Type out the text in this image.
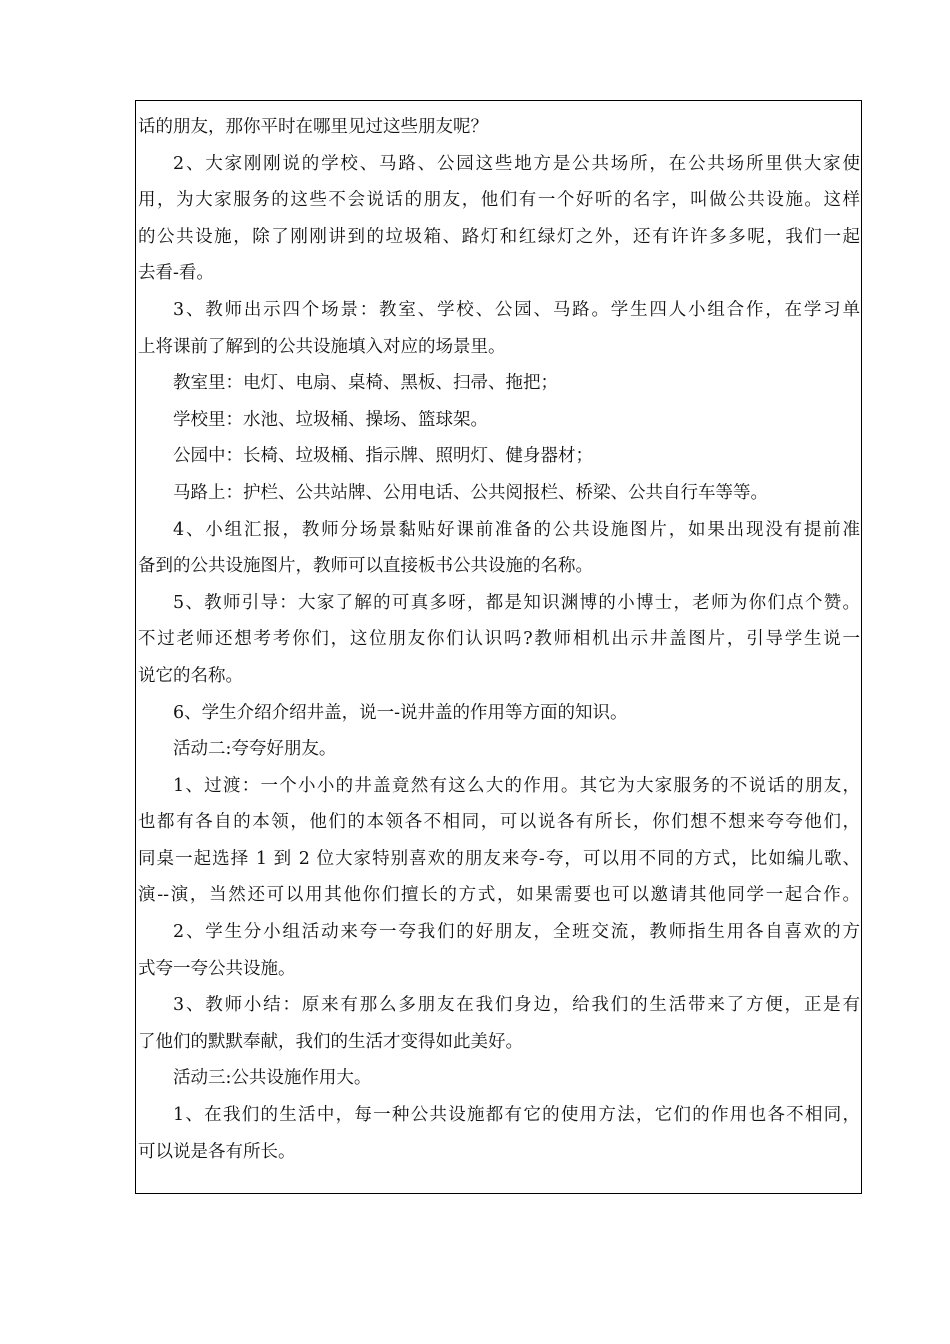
话的朋友，那你平时在哪里见过这些朋友呢？
2、大家刚刚说的学校、马路、公园这些地方是公共场所，在公共场所里供大家使
用，为大家服务的这些不会说话的朋友，他们有一个好听的名字，叫做公共设施。这样
的公共设施，除了刚刚讲到的垃圾箱、路灯和红绿灯之外，还有许许多多呢，我们一起
去看-看。
3、教师出示四个场景：教室、学校、公园、马路。学生四人小组合作，在学习单
上将课前了解到的公共设施填入对应的场景里。
教室里：电灯、电扇、桌椅、黑板、扫帚、拖把；
学校里：水池、垃圾桶、操场、篮球架。
公园中：长椅、垃圾桶、指示牌、照明灯、健身器材；
马路上：护栏、公共站牌、公用电话、公共阅报栏、桥梁、公共自行车等等。
4、小组汇报，教师分场景黏贴好课前准备的公共设施图片，如果出现没有提前准
备到的公共设施图片，教师可以直接板书公共设施的名称。
5、教师引导：大家了解的可真多呀，都是知识渊博的小博士，老师为你们点个赞。
不过老师还想考考你们，这位朋友你们认识吗?教师相机出示井盖图片，引导学生说一
说它的名称。
6、学生介绍介绍井盖，说一-说井盖的作用等方面的知识。
活动二:夸夸好朋友。
1、过渡：一个小小的井盖竟然有这么大的作用。其它为大家服务的不说话的朋友，
也都有各自的本领，他们的本领各不相同，可以说各有所长，你们想不想来夸夸他们，
同桌一起选择 1 到 2 位大家特别喜欢的朋友来夸-夸，可以用不同的方式，比如编儿歌、
演--演，当然还可以用其他你们擅长的方式，如果需要也可以邀请其他同学一起合作。
2、学生分小组活动来夸一夸我们的好朋友，全班交流，教师指生用各自喜欢的方
式夸一夸公共设施。
3、教师小结：原来有那么多朋友在我们身边，给我们的生活带来了方便，正是有
了他们的默默奉献，我们的生活才变得如此美好。
活动三:公共设施作用大。
1、在我们的生活中，每一种公共设施都有它的使用方法，它们的作用也各不相同，
可以说是各有所长。
